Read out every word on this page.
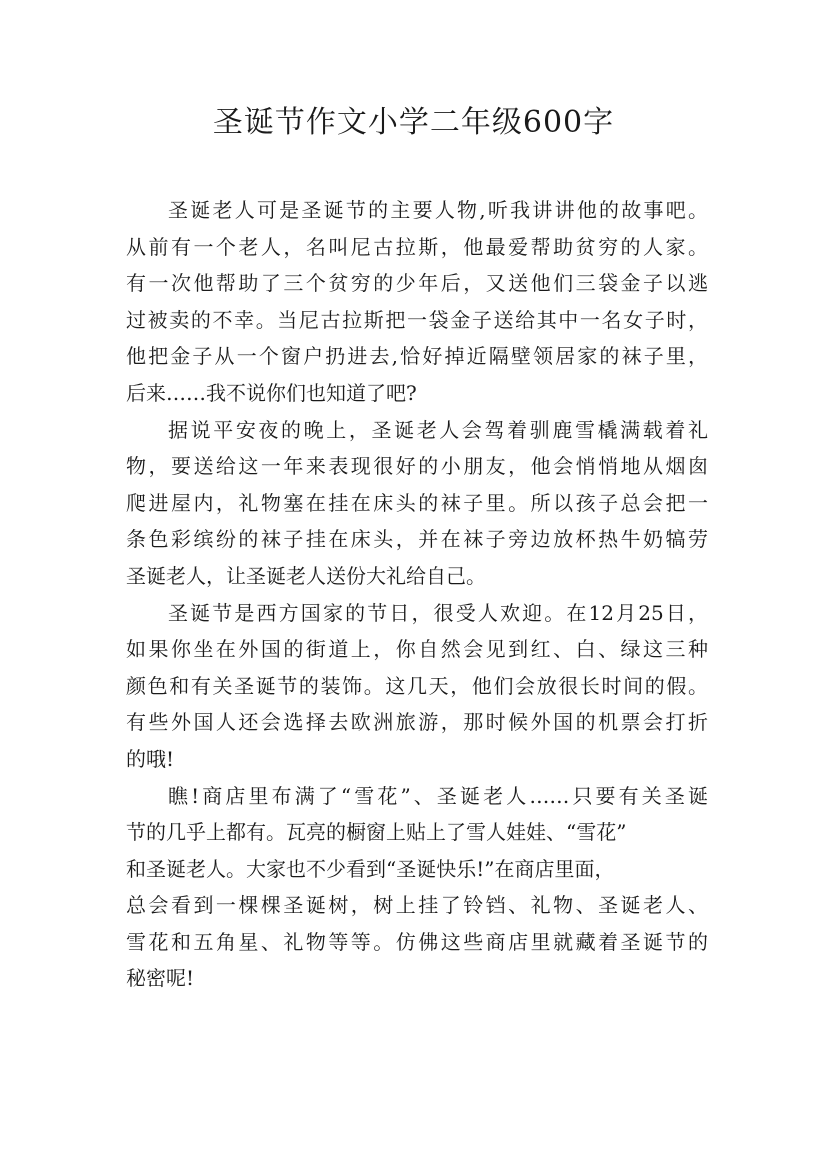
圣诞节作文小学二年级600字
圣诞老人可是圣诞节的主要人物,听我讲讲他的故事吧。
从前有一个老人，名叫尼古拉斯，他最爱帮助贫穷的人家。
有一次他帮助了三个贫穷的少年后，又送他们三袋金子以逃
过被卖的不幸。当尼古拉斯把一袋金子送给其中一名女子时，
他把金子从一个窗户扔进去,恰好掉近隔壁领居家的袜子里，
后来……我不说你们也知道了吧?
据说平安夜的晚上，圣诞老人会驾着驯鹿雪橇满载着礼
物，要送给这一年来表现很好的小朋友，他会悄悄地从烟囱
爬进屋内，礼物塞在挂在床头的袜子里。所以孩子总会把一
条色彩缤纷的袜子挂在床头，并在袜子旁边放杯热牛奶犒劳
圣诞老人，让圣诞老人送份大礼给自己。
圣诞节是西方国家的节日，很受人欢迎。在12月25日，
如果你坐在外国的街道上，你自然会见到红、白、绿这三种
颜色和有关圣诞节的装饰。这几天，他们会放很长时间的假。
有些外国人还会选择去欧洲旅游，那时候外国的机票会打折
的哦!
瞧!商店里布满了“雪花”、圣诞老人……只要有关圣诞
节的几乎上都有。瓦亮的橱窗上贴上了雪人娃娃、“雪花”
和圣诞老人。大家也不少看到“圣诞快乐!”在商店里面，
总会看到一棵棵圣诞树，树上挂了铃铛、礼物、圣诞老人、
雪花和五角星、礼物等等。仿佛这些商店里就藏着圣诞节的
秘密呢!
